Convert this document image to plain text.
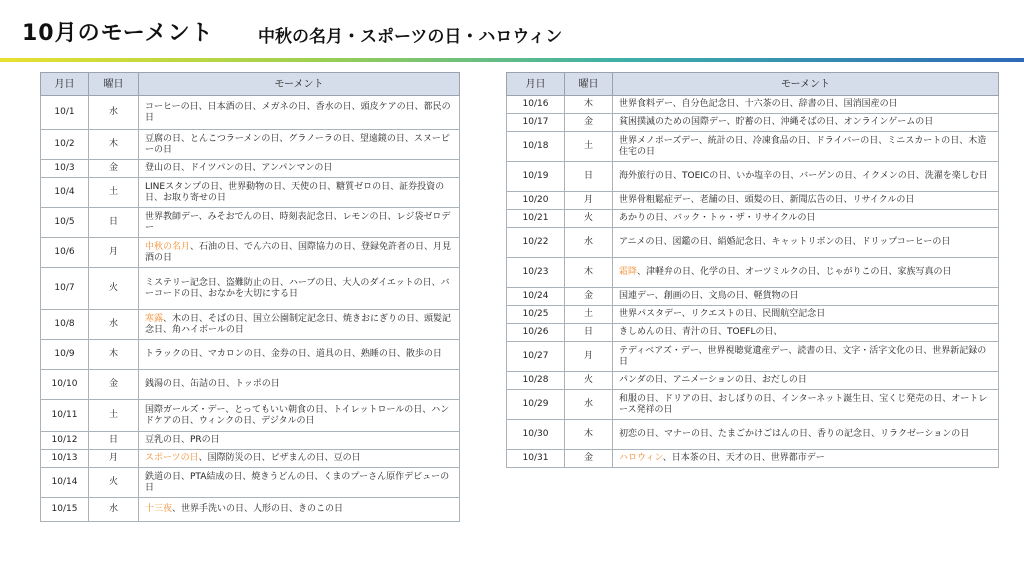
10月のモーメント	中秋の名月・スポーツの日・ハロウィン
月日	曜日	モーメント
10/1	水	コーヒーの日、日本酒の日、メガネの日、香水の日、頭皮ケアの日、都民の日
10/2	木	豆腐の日、とんこつラーメンの日、グラノーラの日、望遠鏡の日、スヌーピーの日
10/3	金	登山の日、ドイツパンの日、アンパンマンの日
10/4	土	LINEスタンプの日、世界動物の日、天使の日、糖質ゼロの日、証券投資の日、お取り寄せの日
10/5	日	世界教師デー、みそおでんの日、時刻表記念日、レモンの日、レジ袋ゼロデー
10/6	月	中秋の名月、石油の日、でん六の日、国際協力の日、登録免許者の日、月見酒の日
10/7	火	ミステリー記念日、盗難防止の日、ハーブの日、大人のダイエットの日、バーコードの日、おなかを大切にする日
10/8	水	寒露、木の日、そばの日、国立公園制定記念日、焼きおにぎりの日、頭髪記念日、角ハイボールの日
10/9	木	トラックの日、マカロンの日、金券の日、道具の日、熟睡の日、散歩の日
10/10	金	銭湯の日、缶詰の日、トッポの日
10/11	土	国際ガールズ・デー、とってもいい朝食の日、トイレットロールの日、ハンドケアの日、ウィンクの日、デジタルの日
10/12	日	豆乳の日、PRの日
10/13	月	スポーツの日、国際防災の日、ピザまんの日、豆の日
10/14	火	鉄道の日、PTA結成の日、焼きうどんの日、くまのプーさん原作デビューの日
10/15	水	十三夜、世界手洗いの日、人形の日、きのこの日
月日	曜日	モーメント
10/16	木	世界食料デー、自分色記念日、十六茶の日、辞書の日、国消国産の日
10/17	金	貧困撲滅のための国際デー、貯蓄の日、沖縄そばの日、オンラインゲームの日
10/18	土	世界メノポーズデー、統計の日、冷凍食品の日、ドライバーの日、ミニスカートの日、木造住宅の日
10/19	日	海外旅行の日、TOEICの日、いか塩辛の日、バーゲンの日、イクメンの日、洗濯を楽しむ日
10/20	月	世界骨粗鬆症デー、老舗の日、頭髪の日、新聞広告の日、リサイクルの日
10/21	火	あかりの日、バック・トゥ・ザ・リサイクルの日
10/22	水	アニメの日、図鑑の日、絹婚記念日、キャットリボンの日、ドリップコーヒーの日
10/23	木	霜降、津軽弁の日、化学の日、オーツミルクの日、じゃがりこの日、家族写真の日
10/24	金	国連デー、創画の日、文鳥の日、軽貨物の日
10/25	土	世界パスタデー、リクエストの日、民間航空記念日
10/26	日	きしめんの日、青汁の日、TOEFLの日、
10/27	月	テディベアズ・デー、世界視聴覚遺産デー、読書の日、文字・活字文化の日、世界新記録の日
10/28	火	パンダの日、アニメーションの日、おだしの日
10/29	水	和服の日、ドリアの日、おしぼりの日、インターネット誕生日、宝くじ発売の日、オートレース発祥の日
10/30	木	初恋の日、マナーの日、たまごかけごはんの日、香りの記念日、リラクゼーションの日
10/31	金	ハロウィン、日本茶の日、天才の日、世界都市デー
